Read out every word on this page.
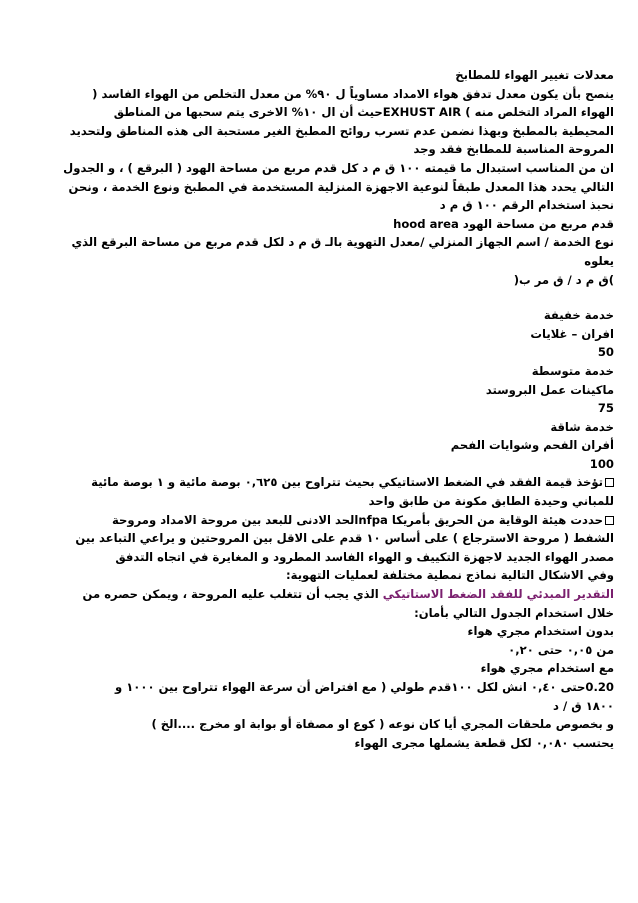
معدلات تغيير الهواء للمطابخ

ينصح بأن يكون معدل تدفق هواء الامداد مساوياً ل ٩٠% من معدل التخلص من الهواء الفاسد (

الهواء المراد التخلص منه ) EXHUST AIRحيث أن ال ١٠% الاخرى يتم سحبها من المناطق

المحيطية بالمطبخ وبهذا نضمن عدم تسرب روائح المطبخ الغير مستحبة الى هذه المناطق ولتحديد

المروحة المناسبة للمطابخ فقد وجد

ان من المناسب استبدال ما قيمته ١٠٠ ق م د كل قدم مربع من مساحة الهود ( البرقع ) ، و الجدول

التالي يحدد هذا المعدل طبقاً لنوعية الاجهزة المنزلية المستخدمة في المطبخ ونوع الخدمة ، ونحن

نحبذ استخدام الرقم ١٠٠ ق م د

قدم مربع من مساحة الهود hood area

نوع الخدمة / اسم الجهاز المنزلي /معدل التهوية بالـ ق م د لكل قدم مربع من مساحة البرقع الذي

يعلوه

)ق م د / ق مر ب(

خدمة خفيفة

افران – غلايات

50

خدمة متوسطة

ماكينات عمل البروستد

75

خدمة شاقة

أفران الفحم وشوايات الفحم

100

تؤخذ قيمة الفقد في الضغط الاستاتيكي بحيث تتراوح بين ٠,٦٢٥ بوصة مائية و ١ بوصة مائية

للمباني وحيدة الطابق مكونة من طابق واحد

حددت هيئة الوقاية من الحريق بأمريكا nfpaالحد الادنى للبعد بين مروحة الامداد ومروحة

الشفط ( مروحة الاسترجاع ) على أساس ١٠ قدم على الاقل بين المروحتين و يراعي التباعد بين

مصدر الهواء الجديد لاجهزة التكييف و الهواء الفاسد المطرود و المغايرة في اتجاه التدفق

وفي الاشكال التالية نماذج نمطية مختلفة لعمليات التهوية:

التقدير المبدئي للفقد الضغط الاستاتيكي الذي يجب أن تتغلب عليه المروحة ، ويمكن حصره من

خلال استخدام الجدول التالي بأمان:

بدون استخدام مجري هواء

من ٠,٠٥ حتى ٠,٢٠

مع استخدام مجري هواء

0.20حتى ٠,٤٠ انش لكل ١٠٠قدم طولي ( مع افتراض أن سرعة الهواء تتراوح بين ١٠٠٠ و

١٨٠٠ ق / د

و بخصوص ملحقات المجري أيا كان نوعه ( كوع او مصفاة أو بوابة او مخرج ....الخ )

يحتسب ٠,٠٨٠ لكل قطعة يشملها مجرى الهواء
